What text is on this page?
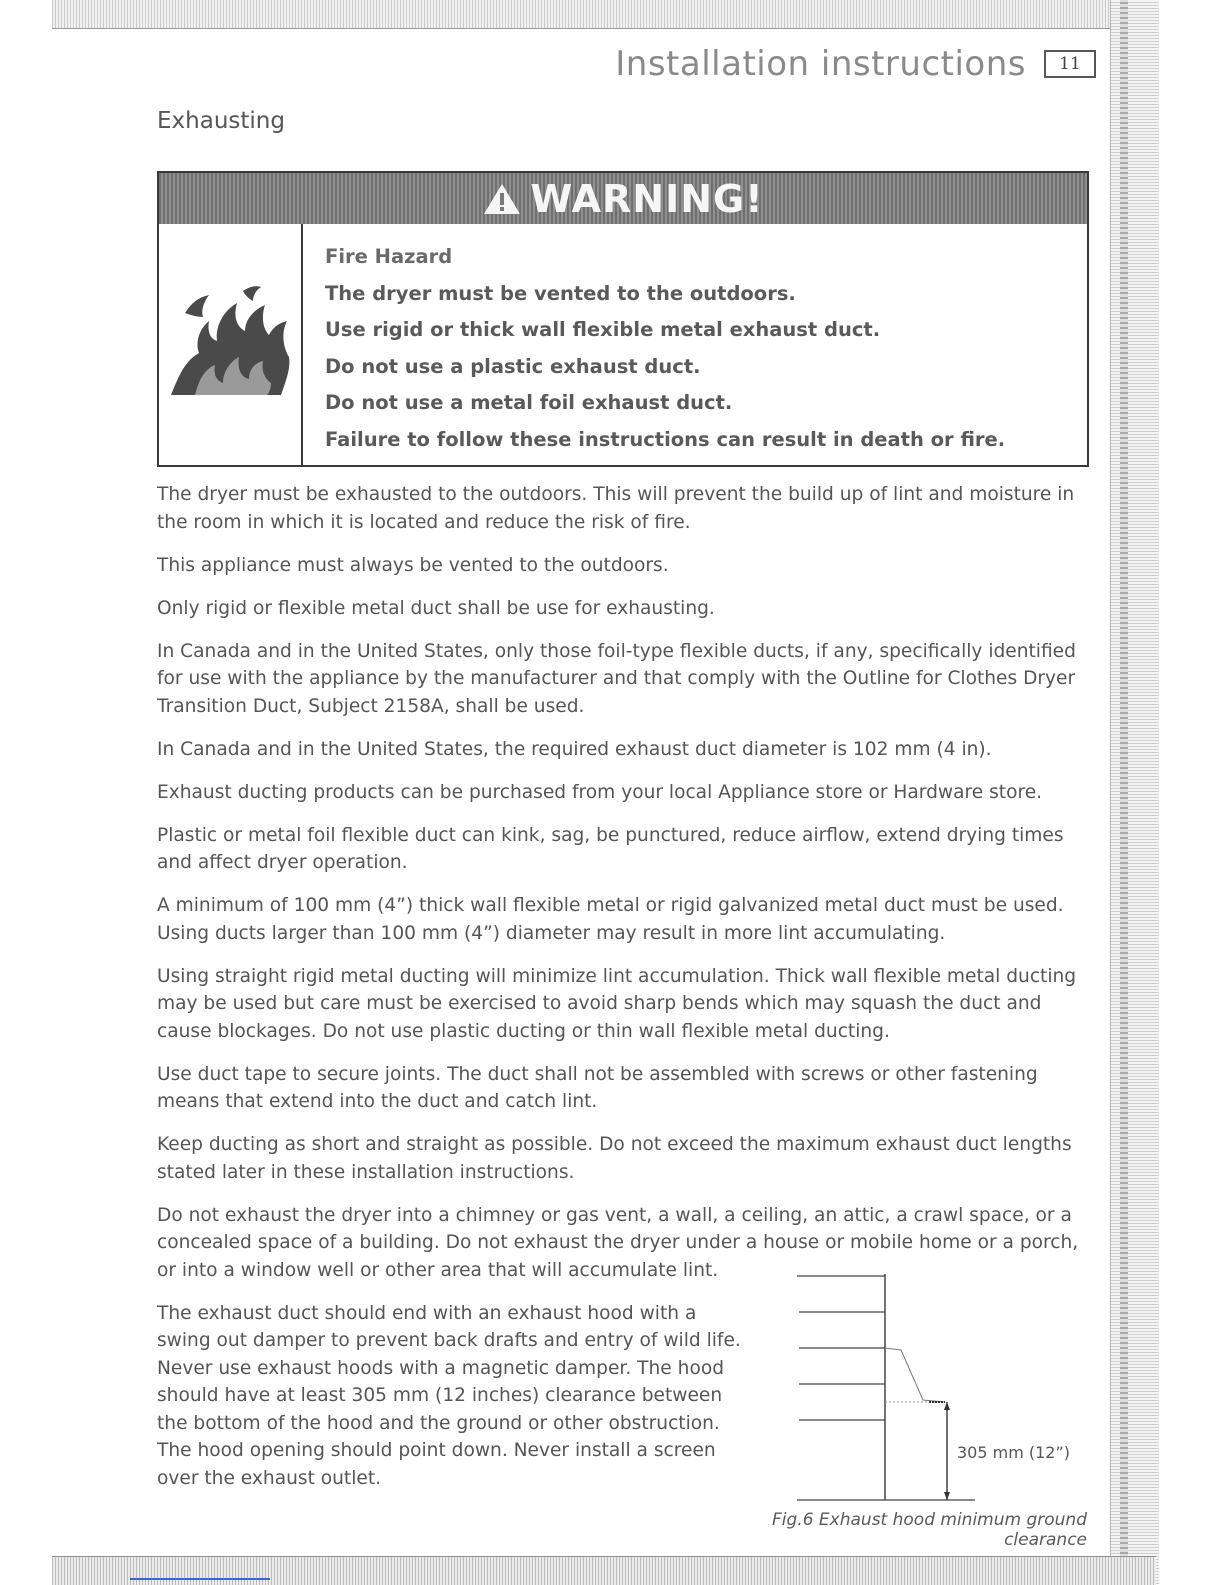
Installation instructions	11
Exhausting
WARNING!
Fire Hazard
The dryer must be vented to the outdoors.
Use rigid or thick wall flexible metal exhaust duct.
Do not use a plastic exhaust duct.
Do not use a metal foil exhaust duct.
Failure to follow these instructions can result in death or fire.

The dryer must be exhausted to the outdoors. This will prevent the build up of lint and moisture in the room in which it is located and reduce the risk of fire.

This appliance must always be vented to the outdoors.

Only rigid or flexible metal duct shall be use for exhausting.

In Canada and in the United States, only those foil-type flexible ducts, if any, specifically identified for use with the appliance by the manufacturer and that comply with the Outline for Clothes Dryer Transition Duct, Subject 2158A, shall be used.

In Canada and in the United States, the required exhaust duct diameter is 102 mm (4 in).

Exhaust ducting products can be purchased from your local Appliance store or Hardware store.

Plastic or metal foil flexible duct can kink, sag, be punctured, reduce airflow, extend drying times and affect dryer operation.

A minimum of 100 mm (4”) thick wall flexible metal or rigid galvanized metal duct must be used. Using ducts larger than 100 mm (4”) diameter may result in more lint accumulating.

Using straight rigid metal ducting will minimize lint accumulation. Thick wall flexible metal ducting may be used but care must be exercised to avoid sharp bends which may squash the duct and cause blockages. Do not use plastic ducting or thin wall flexible metal ducting.

Use duct tape to secure joints. The duct shall not be assembled with screws or other fastening means that extend into the duct and catch lint.

Keep ducting as short and straight as possible. Do not exceed the maximum exhaust duct lengths stated later in these installation instructions.

Do not exhaust the dryer into a chimney or gas vent, a wall, a ceiling, an attic, a crawl space, or a concealed space of a building. Do not exhaust the dryer under a house or mobile home or a porch, or into a window well or other area that will accumulate lint.

The exhaust duct should end with an exhaust hood with a swing out damper to prevent back drafts and entry of wild life. Never use exhaust hoods with a magnetic damper. The hood should have at least 305 mm (12 inches) clearance between the bottom of the hood and the ground or other obstruction. The hood opening should point down. Never install a screen over the exhaust outlet.

305 mm (12”)
Fig.6 Exhaust hood minimum ground clearance
